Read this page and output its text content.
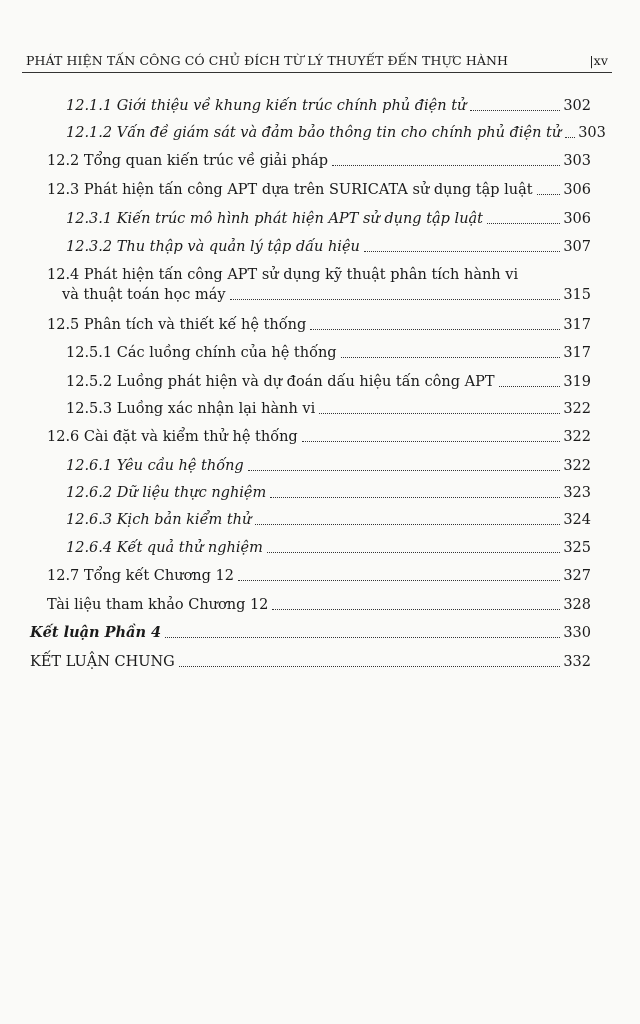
PHÁT HIỆN TẤN CÔNG CÓ CHỦ ĐÍCH TỪ LÝ THUYẾT ĐẾN THỰC HÀNH	|xv
12.1.1 Giới thiệu về khung kiến trúc chính phủ điện tử	302
12.1.2 Vấn đề giám sát và đảm bảo thông tin cho chính phủ điện tử 303
12.2 Tổng quan kiến trúc về giải pháp	303
12.3 Phát hiện tấn công APT dựa trên SURICATA sử dụng tập luật 306
12.3.1 Kiến trúc mô hình phát hiện APT sử dụng tập luật	306
12.3.2 Thu thập và quản lý tập dấu hiệu	307
12.4 Phát hiện tấn công APT sử dụng kỹ thuật phân tích hành vi
và thuật toán học máy	315
12.5 Phân tích và thiết kế hệ thống	317
12.5.1 Các luồng chính của hệ thống	317
12.5.2 Luồng phát hiện và dự đoán dấu hiệu tấn công APT	319
12.5.3 Luồng xác nhận lại hành vi	322
12.6 Cài đặt và kiểm thử hệ thống	322
12.6.1 Yêu cầu hệ thống	322
12.6.2 Dữ liệu thực nghiệm	323
12.6.3 Kịch bản kiểm thử	324
12.6.4 Kết quả thử nghiệm	325
12.7 Tổng kết Chương 12	327
Tài liệu tham khảo Chương 12	328
Kết luận Phần 4	330
KẾT LUẬN CHUNG	332
